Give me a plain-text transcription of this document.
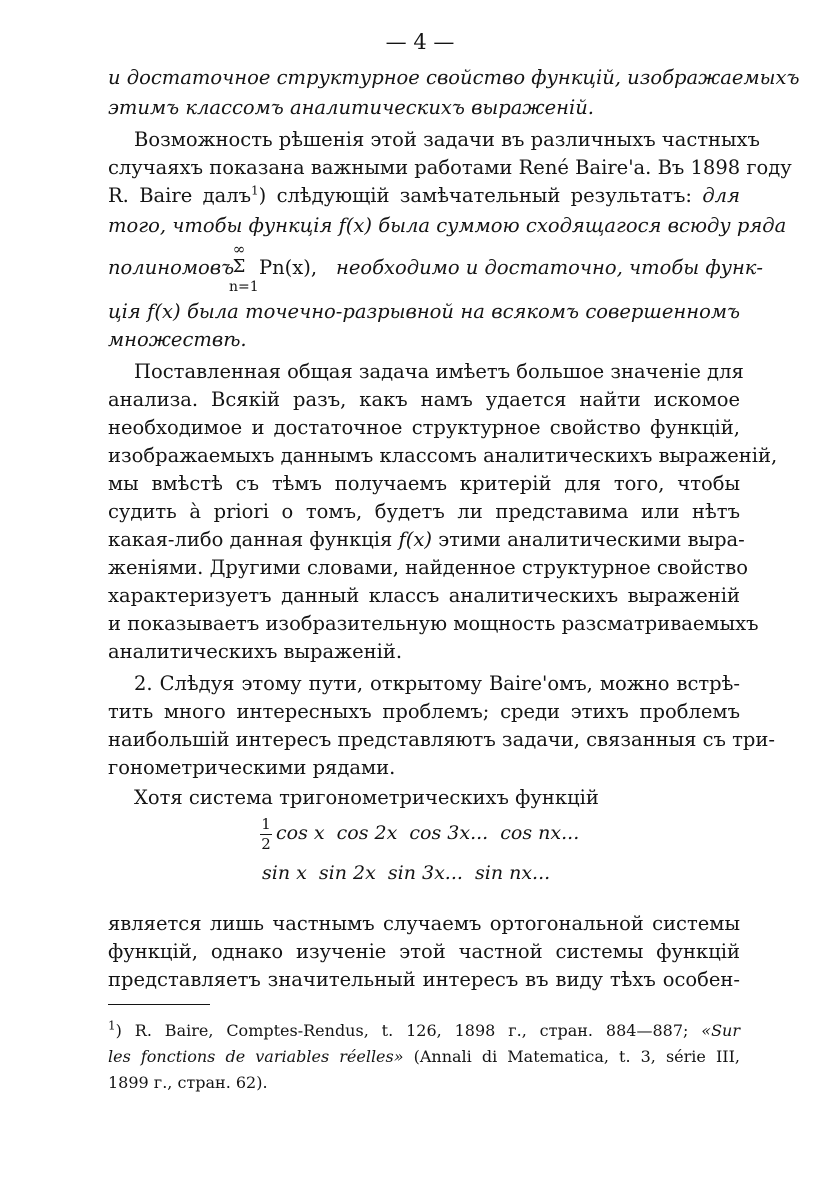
— 4 —
и достаточное структурное свойство функцій, изображаемыхъ
этимъ классомъ аналитическихъ выраженій.
Возможность рѣшенія этой задачи въ различныхъ частныхъ
случаяхъ показана важными работами René Baire'a. Въ 1898 году
R. Baire далъ$^1$) слѣдующій замѣчательный результатъ: для
того, чтобы функція f(x) была суммою сходящагося всюду ряда
полиномовъ
∞
Σ
n=1
Pn(x), необходимо и достаточно, чтобы функ-
ція f(x) была точечно-разрывной на всякомъ совершенномъ
множествѣ.
Поставленная общая задача имѣетъ большое значеніе для
анализа. Всякій разъ, какъ намъ удается найти искомое
необходимое и достаточное структурное свойство функцій,
изображаемыхъ даннымъ классомъ аналитическихъ выраженій,
мы вмѣстѣ съ тѣмъ получаемъ критерій для того, чтобы
судить à priori о томъ, будетъ ли представима или нѣтъ
какая-либо данная функція f(x) этими аналитическими выра-
женіями. Другими словами, найденное структурное свойство
характеризуетъ данный классъ аналитическихъ выраженій
и показываетъ изобразительную мощность разсматриваемыхъ
аналитическихъ выраженій.
2. Слѣдуя этому пути, открытому Baire'омъ, можно встрѣ-
тить много интересныхъ проблемъ; среди этихъ проблемъ
наибольшій интересъ представляютъ задачи, связанныя съ три-
гонометрическими рядами.
Хотя система тригонометрическихъ функцій
1
2 cos x  cos 2x  cos 3x...  cos nx...
sin x  sin 2x  sin 3x...  sin nx...
является лишь частнымъ случаемъ ортогональной системы
функцій, однако изученіе этой частной системы функцій
представляетъ значительный интересъ въ виду тѣхъ особен-
$^1$) R. Baire, Comptes-Rendus, t. 126, 1898 г., стран. 884—887; «Sur
les fonctions de variables réelles» (Annali di Matematica, t. 3, série III,
1899 г., стран. 62).
